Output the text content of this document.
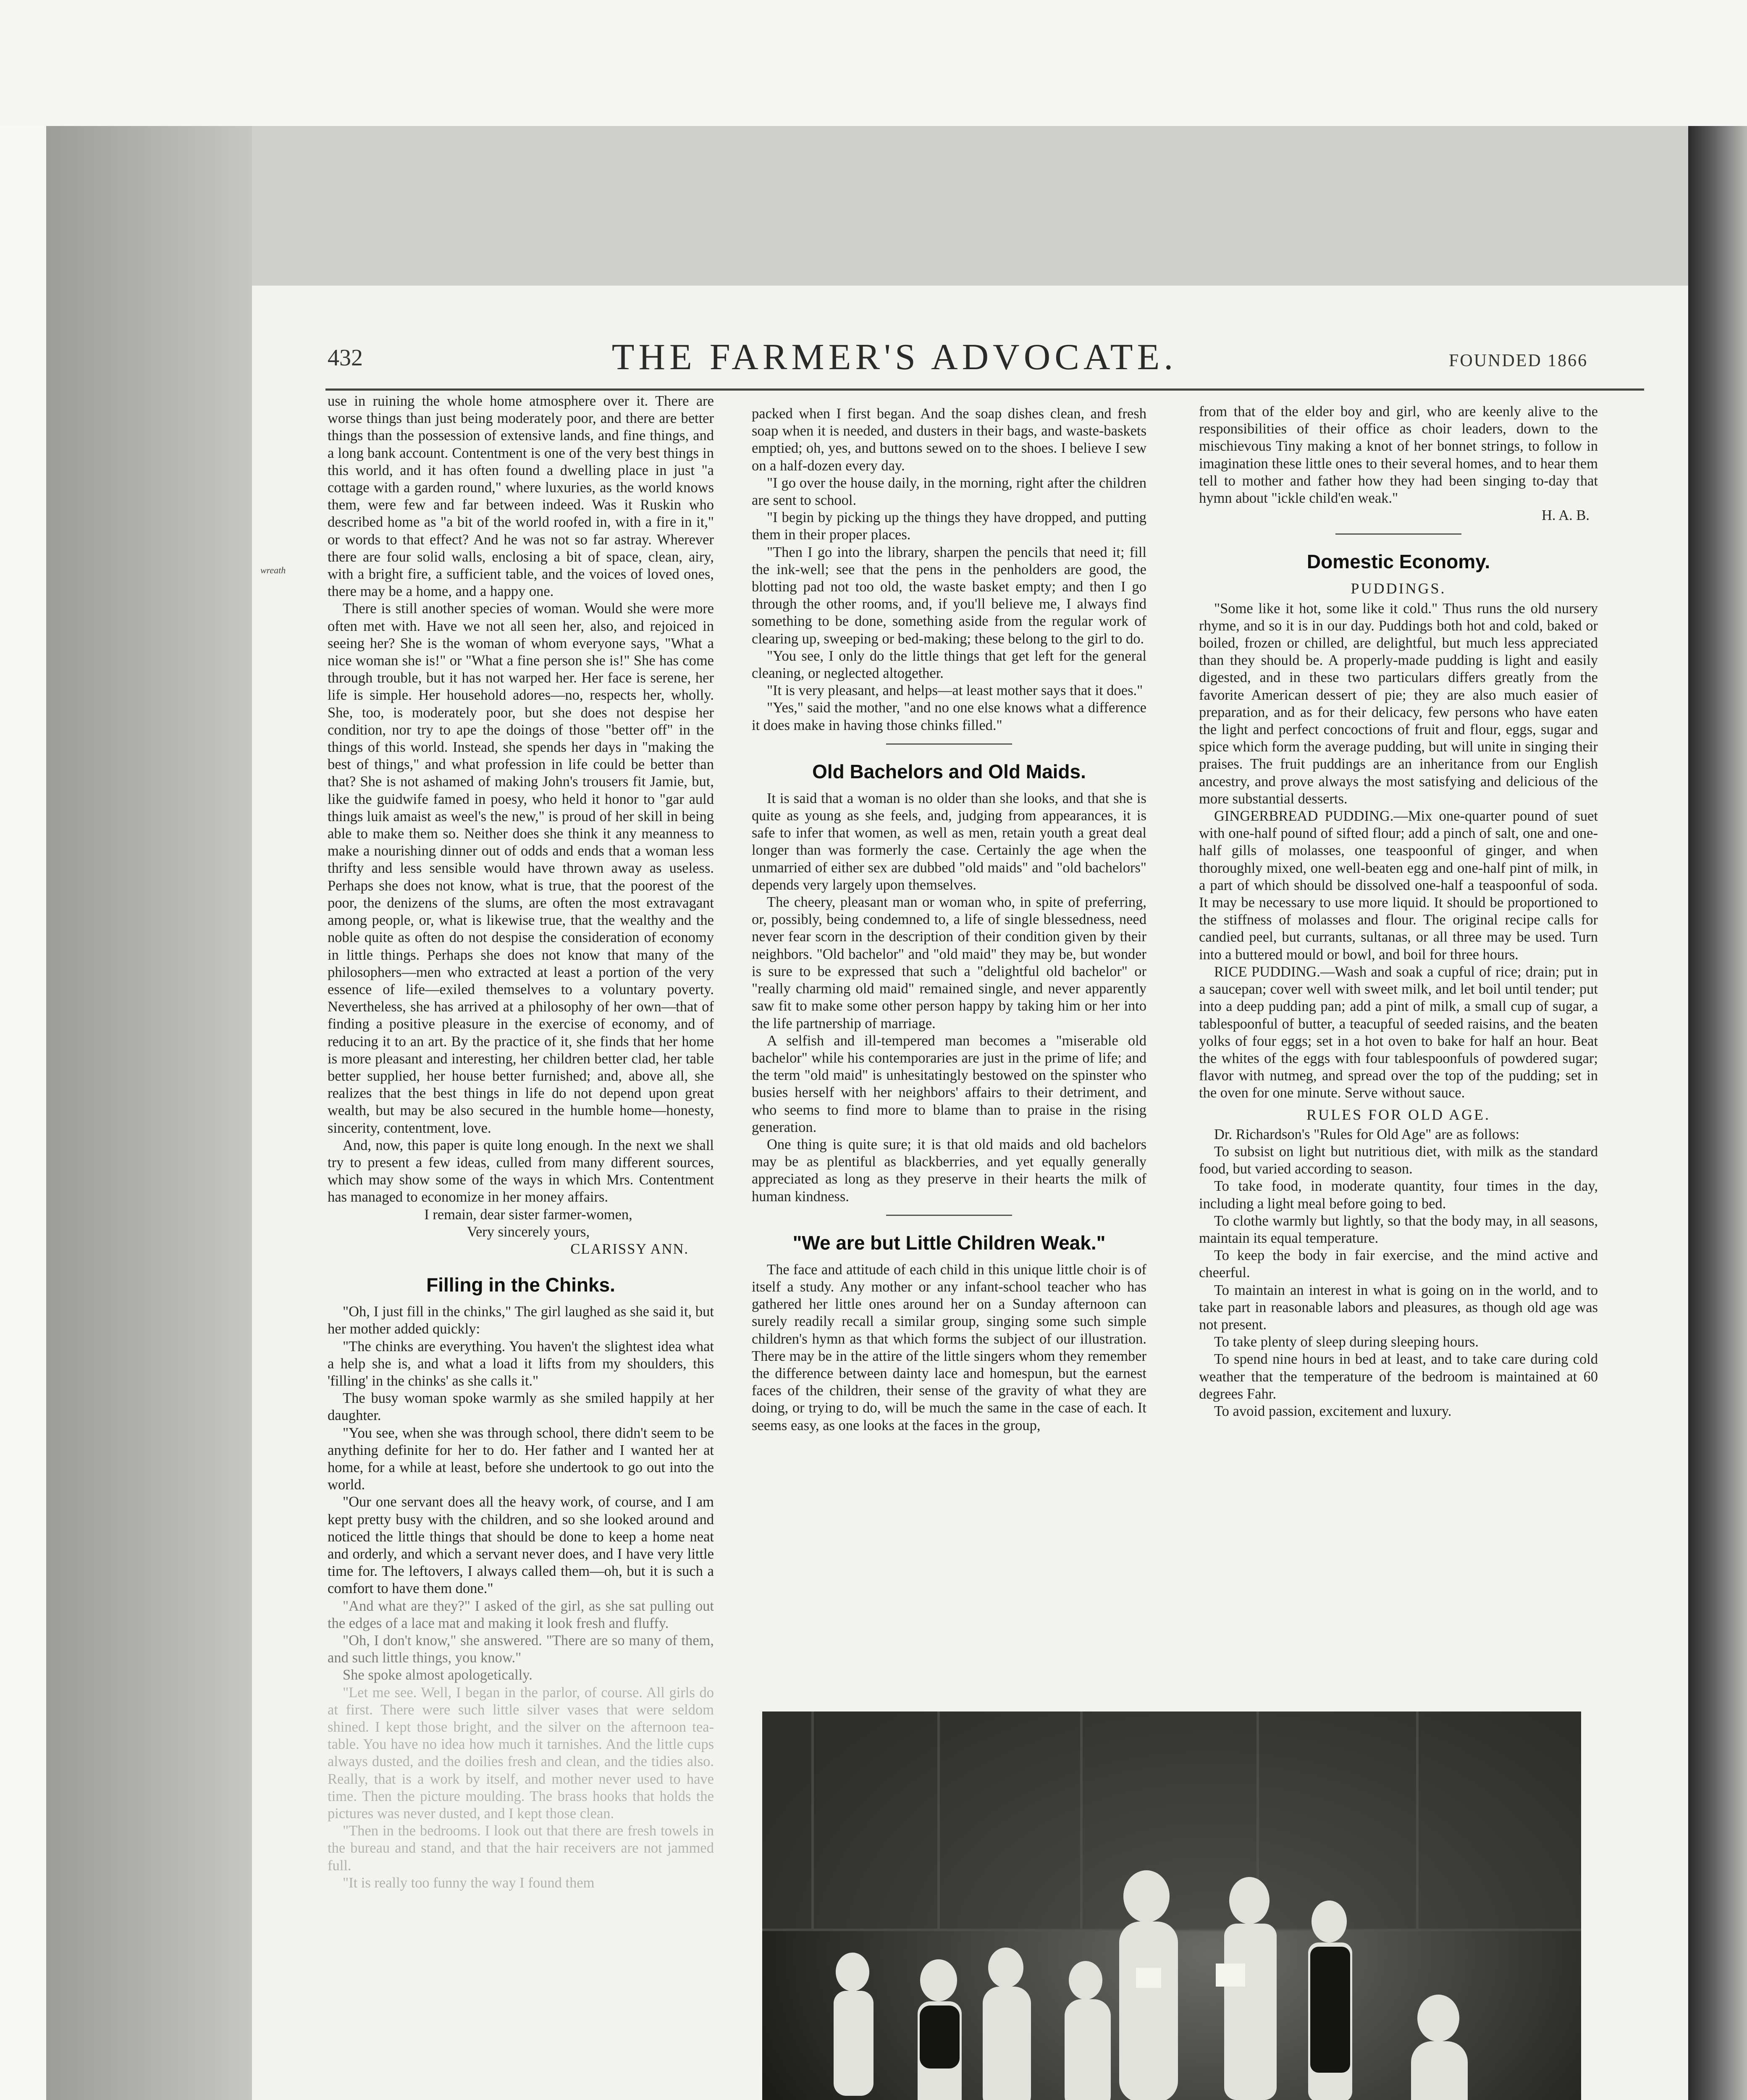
wreath
432	THE FARMER'S ADVOCATE.	FOUNDED 1866

use in ruining the whole home atmosphere over it. There are worse things than just being moderately poor, and there are better things than the possession of extensive lands, and fine things, and a long bank account. Contentment is one of the very best things in this world, and it has often found a dwelling place in just "a cottage with a garden round," where luxuries, as the world knows them, were few and far between indeed. Was it Ruskin who described home as "a bit of the world roofed in, with a fire in it," or words to that effect? And he was not so far astray. Wherever there are four solid walls, enclosing a bit of space, clean, airy, with a bright fire, a sufficient table, and the voices of loved ones, there may be a home, and a happy one.

There is still another species of woman. Would she were more often met with. Have we not all seen her, also, and rejoiced in seeing her? She is the woman of whom everyone says, "What a nice woman she is!" or "What a fine person she is!" She has come through trouble, but it has not warped her. Her face is serene, her life is simple. Her household adores—no, respects her, wholly. She, too, is moderately poor, but she does not despise her condition, nor try to ape the doings of those "better off" in the things of this world. Instead, she spends her days in "making the best of things," and what profession in life could be better than that? She is not ashamed of making John's trousers fit Jamie, but, like the guidwife famed in poesy, who held it honor to "gar auld things luik amaist as weel's the new," is proud of her skill in being able to make them so. Neither does she think it any meanness to make a nourishing dinner out of odds and ends that a woman less thrifty and less sensible would have thrown away as useless. Perhaps she does not know, what is true, that the poorest of the poor, the denizens of the slums, are often the most extravagant among people, or, what is likewise true, that the wealthy and the noble quite as often do not despise the consideration of economy in little things. Perhaps she does not know that many of the philosophers—men who extracted at least a portion of the very essence of life—exiled themselves to a voluntary poverty. Nevertheless, she has arrived at a philosophy of her own—that of finding a positive pleasure in the exercise of economy, and of reducing it to an art. By the practice of it, she finds that her home is more pleasant and interesting, her children better clad, her table better supplied, her house better furnished; and, above all, she realizes that the best things in life do not depend upon great wealth, but may be also secured in the humble home—honesty, sincerity, contentment, love.

And, now, this paper is quite long enough. In the next we shall try to present a few ideas, culled from many different sources, which may show some of the ways in which Mrs. Contentment has managed to economize in her money affairs.

I remain, dear sister farmer-women,

Very sincerely yours,

CLARISSY ANN.

Filling in the Chinks.

"Oh, I just fill in the chinks," The girl laughed as she said it, but her mother added quickly:

"The chinks are everything. You haven't the slightest idea what a help she is, and what a load it lifts from my shoulders, this 'filling' in the chinks' as she calls it."

The busy woman spoke warmly as she smiled happily at her daughter.

"You see, when she was through school, there didn't seem to be anything definite for her to do. Her father and I wanted her at home, for a while at least, before she undertook to go out into the world.

"Our one servant does all the heavy work, of course, and I am kept pretty busy with the children, and so she looked around and noticed the little things that should be done to keep a home neat and orderly, and which a servant never does, and I have very little time for. The leftovers, I always called them—oh, but it is such a comfort to have them done."

"And what are they?" I asked of the girl, as she sat pulling out the edges of a lace mat and making it look fresh and fluffy.

"Oh, I don't know," she answered. "There are so many of them, and such little things, you know."

She spoke almost apologetically.

"Let me see. Well, I began in the parlor, of course. All girls do at first. There were such little silver vases that were seldom shined. I kept those bright, and the silver on the afternoon tea-table. You have no idea how much it tarnishes. And the little cups always dusted, and the doilies fresh and clean, and the tidies also. Really, that is a work by itself, and mother never used to have time. Then the picture moulding. The brass hooks that holds the pictures was never dusted, and I kept those clean.

"Then in the bedrooms. I look out that there are fresh towels in the bureau and stand, and that the hair receivers are not jammed full.

"It is really too funny the way I found them

packed when I first began. And the soap dishes clean, and fresh soap when it is needed, and dusters in their bags, and waste-baskets emptied; oh, yes, and buttons sewed on to the shoes. I believe I sew on a half-dozen every day.

"I go over the house daily, in the morning, right after the children are sent to school.

"I begin by picking up the things they have dropped, and putting them in their proper places.

"Then I go into the library, sharpen the pencils that need it; fill the ink-well; see that the pens in the penholders are good, the blotting pad not too old, the waste basket empty; and then I go through the other rooms, and, if you'll believe me, I always find something to be done, something aside from the regular work of clearing up, sweeping or bed-making; these belong to the girl to do.

"You see, I only do the little things that get left for the general cleaning, or neglected altogether.

"It is very pleasant, and helps—at least mother says that it does."

"Yes," said the mother, "and no one else knows what a difference it does make in having those chinks filled."

Old Bachelors and Old Maids.

It is said that a woman is no older than she looks, and that she is quite as young as she feels, and, judging from appearances, it is safe to infer that women, as well as men, retain youth a great deal longer than was formerly the case. Certainly the age when the unmarried of either sex are dubbed "old maids" and "old bachelors" depends very largely upon themselves.

The cheery, pleasant man or woman who, in spite of preferring, or, possibly, being condemned to, a life of single blessedness, need never fear scorn in the description of their condition given by their neighbors. "Old bachelor" and "old maid" they may be, but wonder is sure to be expressed that such a "delightful old bachelor" or "really charming old maid" remained single, and never apparently saw fit to make some other person happy by taking him or her into the life partnership of marriage.

A selfish and ill-tempered man becomes a "miserable old bachelor" while his contemporaries are just in the prime of life; and the term "old maid" is unhesitatingly bestowed on the spinster who busies herself with her neighbors' affairs to their detriment, and who seems to find more to blame than to praise in the rising generation.

One thing is quite sure; it is that old maids and old bachelors may be as plentiful as blackberries, and yet equally generally appreciated as long as they preserve in their hearts the milk of human kindness.

"We are but Little Children Weak."

The face and attitude of each child in this unique little choir is of itself a study. Any mother or any infant-school teacher who has gathered her little ones around her on a Sunday afternoon can surely readily recall a similar group, singing some such simple children's hymn as that which forms the subject of our illustration. There may be in the attire of the little singers whom they remember the difference between dainty lace and homespun, but the earnest faces of the children, their sense of the gravity of what they are doing, or trying to do, will be much the same in the case of each. It seems easy, as one looks at the faces in the group,

from that of the elder boy and girl, who are keenly alive to the responsibilities of their office as choir leaders, down to the mischievous Tiny making a knot of her bonnet strings, to follow in imagination these little ones to their several homes, and to hear them tell to mother and father how they had been singing to-day that hymn about "ickle child'en weak."

H. A. B.

Domestic Economy.
PUDDINGS.

"Some like it hot, some like it cold." Thus runs the old nursery rhyme, and so it is in our day. Puddings both hot and cold, baked or boiled, frozen or chilled, are delightful, but much less appreciated than they should be. A properly-made pudding is light and easily digested, and in these two particulars differs greatly from the favorite American dessert of pie; they are also much easier of preparation, and as for their delicacy, few persons who have eaten the light and perfect concoctions of fruit and flour, eggs, sugar and spice which form the average pudding, but will unite in singing their praises. The fruit puddings are an inheritance from our English ancestry, and prove always the most satisfying and delicious of the more substantial desserts.

GINGERBREAD PUDDING.—Mix one-quarter pound of suet with one-half pound of sifted flour; add a pinch of salt, one and one-half gills of molasses, one teaspoonful of ginger, and when thoroughly mixed, one well-beaten egg and one-half pint of milk, in a part of which should be dissolved one-half a teaspoonful of soda. It may be necessary to use more liquid. It should be proportioned to the stiffness of molasses and flour. The original recipe calls for candied peel, but currants, sultanas, or all three may be used. Turn into a buttered mould or bowl, and boil for three hours.

RICE PUDDING.—Wash and soak a cupful of rice; drain; put in a saucepan; cover well with sweet milk, and let boil until tender; put into a deep pudding pan; add a pint of milk, a small cup of sugar, a tablespoonful of butter, a teacupful of seeded raisins, and the beaten yolks of four eggs; set in a hot oven to bake for half an hour. Beat the whites of the eggs with four tablespoonfuls of powdered sugar; flavor with nutmeg, and spread over the top of the pudding; set in the oven for one minute. Serve without sauce.

RULES FOR OLD AGE.

Dr. Richardson's "Rules for Old Age" are as follows:

To subsist on light but nutritious diet, with milk as the standard food, but varied according to season.

To take food, in moderate quantity, four times in the day, including a light meal before going to bed.

To clothe warmly but lightly, so that the body may, in all seasons, maintain its equal temperature.

To keep the body in fair exercise, and the mind active and cheerful.

To maintain an interest in what is going on in the world, and to take part in reasonable labors and pleasures, as though old age was not present.

To take plenty of sleep during sleeping hours.

To spend nine hours in bed at least, and to take care during cold weather that the temperature of the bedroom is maintained at 60 degrees Fahr.

To avoid passion, excitement and luxury.
